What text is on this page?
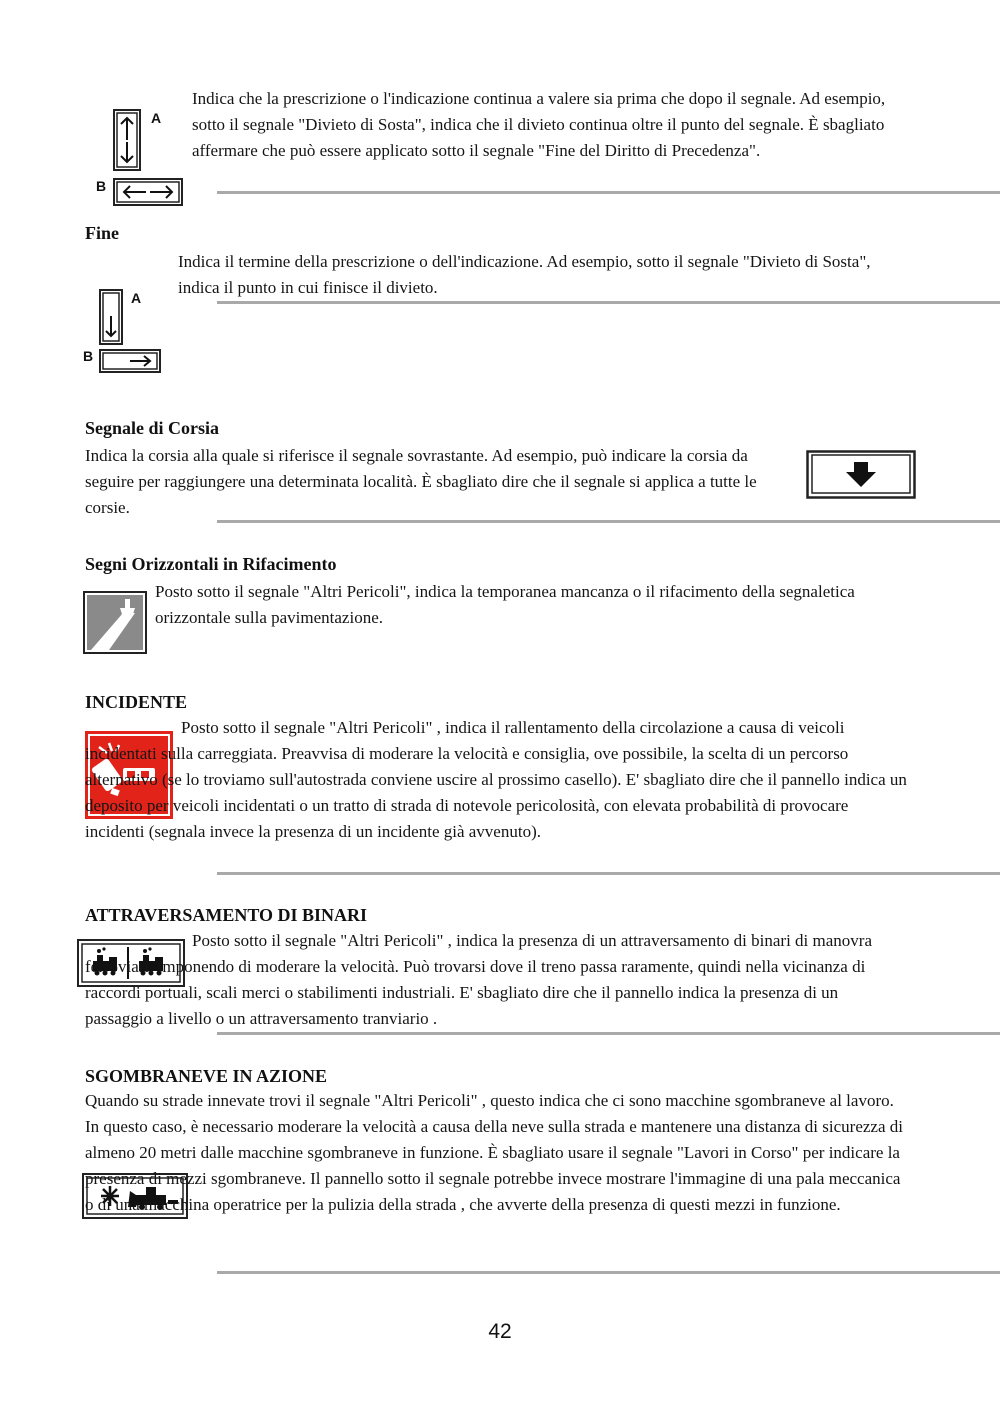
A
B

Indica che la prescrizione o l'indicazione continua a valere sia prima che dopo il segnale. Ad esempio, sotto il segnale "Divieto di Sosta", indica che il divieto continua oltre il punto del segnale. È sbagliato affermare che può essere applicato sotto il segnale "Fine del Diritto di Precedenza".

Fine

A
B

Indica il termine della prescrizione o dell'indicazione. Ad esempio, sotto il segnale "Divieto di Sosta", indica il punto in cui finisce il divieto.

Segnale di Corsia

Indica la corsia alla quale si riferisce il segnale sovrastante. Ad esempio, può indicare la corsia da seguire per raggiungere una determinata località. È sbagliato dire che il segnale si applica a tutte le corsie.

Segni Orizzontali in Rifacimento

Posto sotto il segnale "Altri Pericoli", indica la temporanea mancanza o il rifacimento della segnaletica orizzontale sulla pavimentazione.

INCIDENTE

Posto sotto il segnale "Altri Pericoli" , indica il rallentamento della circolazione a causa di veicoli incidentati sulla carreggiata. Preavvisa di moderare la velocità e consiglia, ove possibile, la scelta di un percorso alternativo (se lo troviamo sull'autostrada conviene uscire al prossimo casello). E' sbagliato dire che il pannello indica un deposito per veicoli incidentati o un tratto di strada di notevole pericolosità, con elevata probabilità di provocare incidenti (segnala invece la presenza di un incidente già avvenuto).

ATTRAVERSAMENTO DI BINARI

Posto sotto il segnale "Altri Pericoli" , indica la presenza di un attraversamento di binari di manovra ferroviari, imponendo di moderare la velocità. Può trovarsi dove il treno passa raramente, quindi nella vicinanza di raccordi portuali, scali merci o stabilimenti industriali. E' sbagliato dire che il pannello indica la presenza di un passaggio a livello o un attraversamento tranviario .

SGOMBRANEVE IN AZIONE

Quando su strade innevate trovi il segnale "Altri Pericoli" , questo indica che ci sono macchine sgombraneve al lavoro. In questo caso, è necessario moderare la velocità a causa della neve sulla strada e mantenere una distanza di sicurezza di almeno 20 metri dalle macchine sgombraneve in funzione. È sbagliato usare il segnale "Lavori in Corso" per indicare la presenza di mezzi sgombraneve. Il pannello sotto il segnale potrebbe invece mostrare l'immagine di una pala meccanica o di una macchina operatrice per la pulizia della strada , che avverte della presenza di questi mezzi in funzione.

42
